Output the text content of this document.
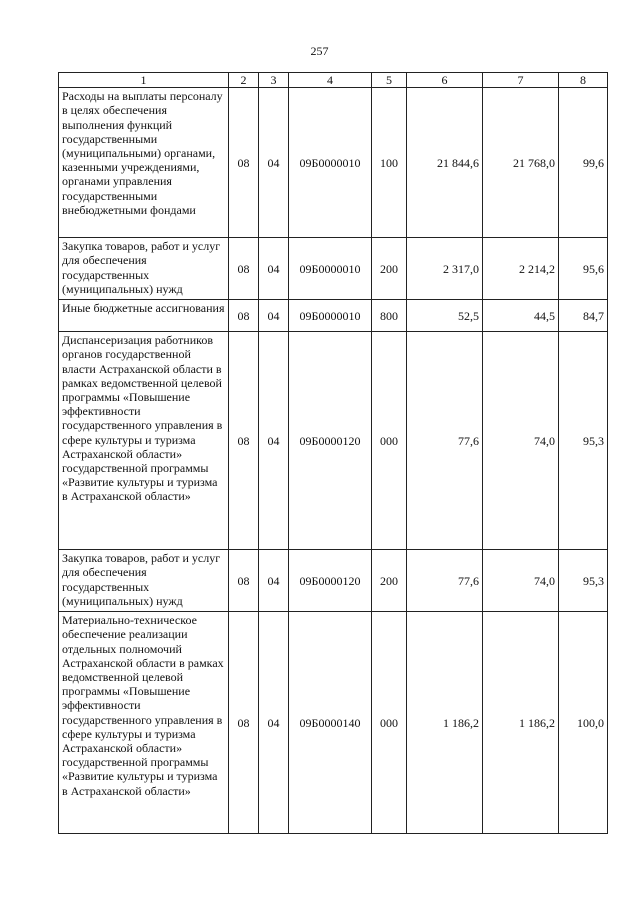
257
1	2	3	4	5	6	7	8
Расходы на выплаты персоналу в целях обеспечения выполнения функций государственными (муниципальными) органами, казенными учреждениями, органами управления государственными внебюджетными фондами	08	04	09Б0000010	100	21 844,6	21 768,0	99,6
Закупка товаров, работ и услуг для обеспечения государственных (муниципальных) нужд	08	04	09Б0000010	200	2 317,0	2 214,2	95,6
Иные бюджетные ассигнования	08	04	09Б0000010	800	52,5	44,5	84,7
Диспансеризация работников органов государственной власти Астраханской области в рамках ведомственной целевой программы «Повышение эффективности государственного управления в сфере культуры и туризма Астраханской области» государственной программы «Развитие культуры и туризма в Астраханской области»	08	04	09Б0000120	000	77,6	74,0	95,3
Закупка товаров, работ и услуг для обеспечения государственных (муниципальных) нужд	08	04	09Б0000120	200	77,6	74,0	95,3
Материально-техническое обеспечение реализации отдельных полномочий Астраханской области в рамках ведомственной целевой программы «Повышение эффективности государственного управления в сфере культуры и туризма Астраханской области» государственной программы «Развитие культуры и туризма в Астраханской области»	08	04	09Б0000140	000	1 186,2	1 186,2	100,0
